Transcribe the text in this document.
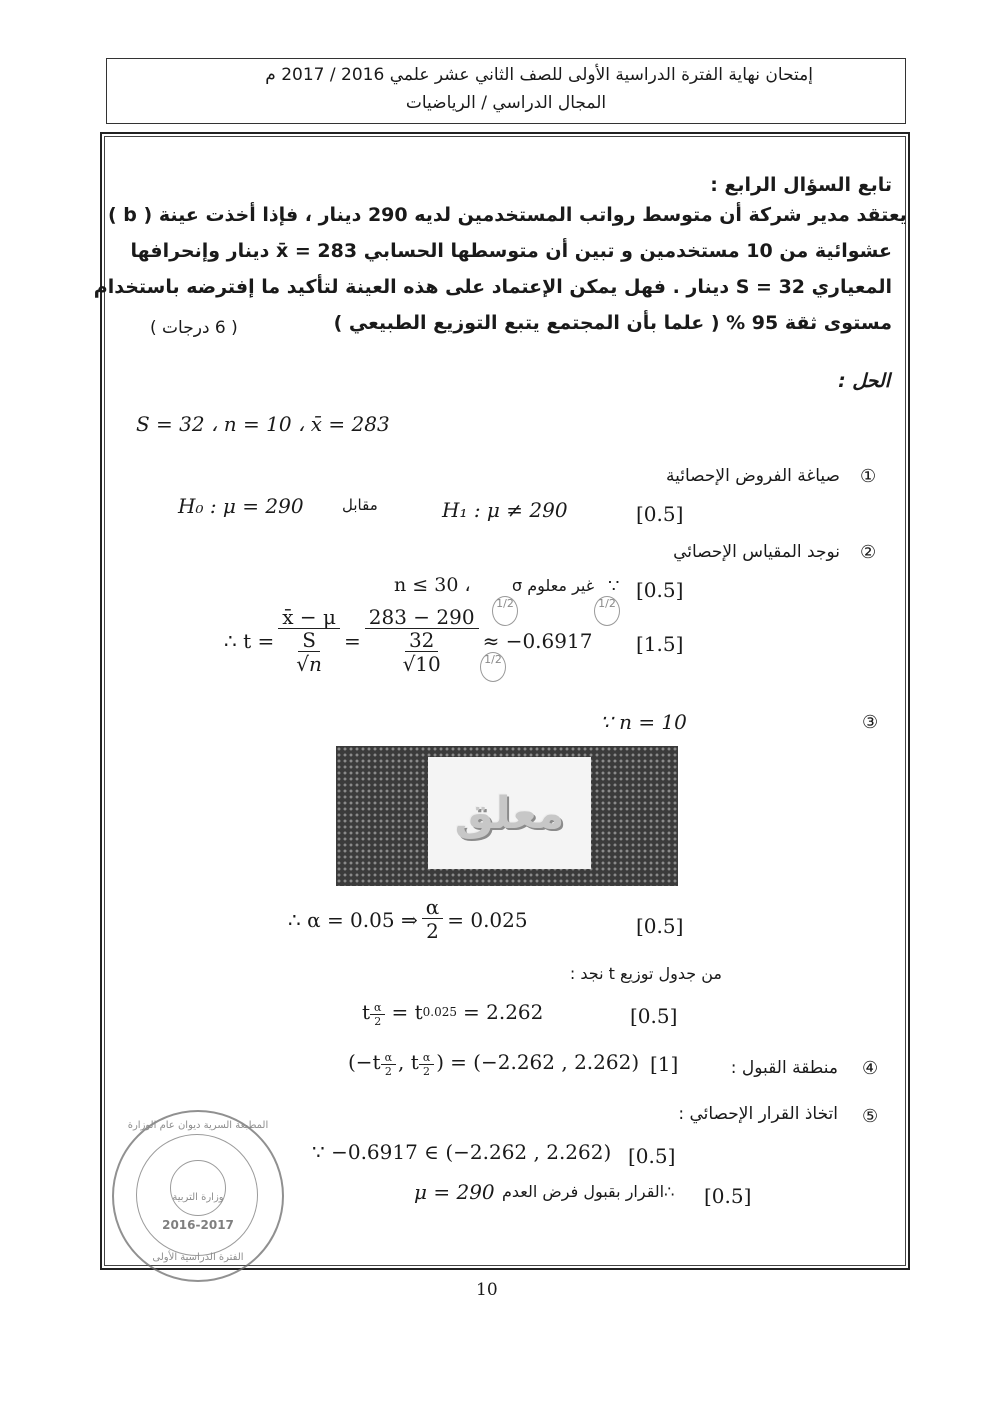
إمتحان نهاية الفترة الدراسية الأولى للصف الثاني عشر علمي 2016 / 2017 م
المجال الدراسي / الرياضيات
تابع السؤال الرابع :
( b ) يعتقد مدير شركة أن متوسط رواتب المستخدمين لديه 290 دينار ، فإذا أخذت عينة
عشوائية من 10 مستخدمين و تبين أن متوسطها الحسابي x̄ = 283 دينار وإنحرافها
المعياري S = 32 دينار . فهل يمكن الإعتماد على هذه العينة لتأكيد ما إفترضه باستخدام
مستوى ثقة 95 % ( علما بأن المجتمع يتبع التوزيع الطبيعي )
( 6 درجات )
الحل :
S = 32 ، n = 10 ، x̄ = 283
①
صياغة الفروض الإحصائية
H₀ : μ = 290	مقابل	H₁ : μ ≠ 290	[0.5]
②
نوجد المقياس الإحصائي
n ≤ 30 ،	σ غير معلوم ∵ [0.5]
∴ $t = \frac{x̄ - \mu}{\frac{S}{√n}} = \frac{283 - 290}{\frac{32}{√10}} \approx -0.6917$ [1.5]
1/2	1/2
1/2
③
∵ n = 10
معلق
∴ α = 0.05 ⇒ $\frac{\alpha}{2} = 0.025$	[0.5]
من جدول توزيع t نجد :
t $\frac{\alpha}{2} = t$ 0.025 = 2.262	[0.5]
④
منطقة القبول :
($-t \frac{\alpha}{2}$ , t $\frac{\alpha}{2}$ ) = (−2.262 , 2.262) [1]
⑤
اتخاذ القرار الإحصائي :
∵ −0.6917 ∈ (−2.262 , 2.262) [0.5]
μ = 290 ∴القرار بقبول فرض العدم [0.5]
المطبعة السرية ديوان عام الوزارة
وزارة التربية
2016-2017
الفترة الدراسية الأولى
10
